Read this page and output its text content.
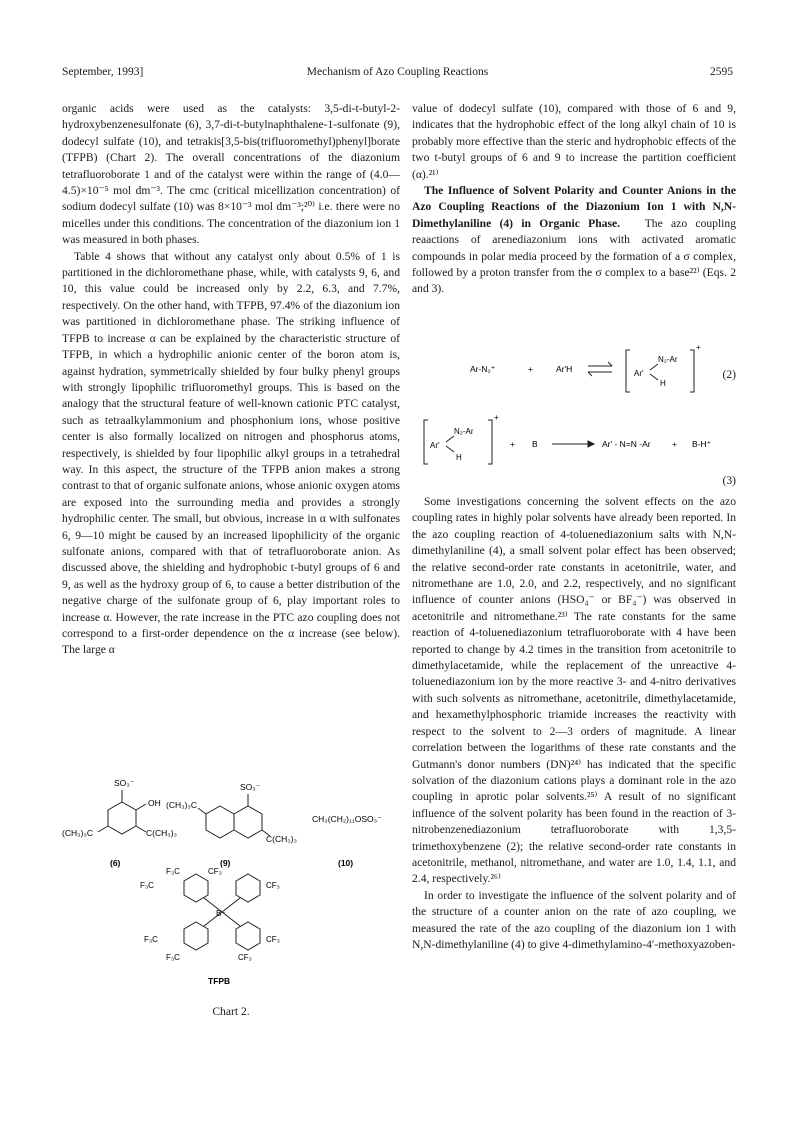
September, 1993]	Mechanism of Azo Coupling Reactions	2595

organic acids were used as the catalysts: 3,5-di-t-butyl-2-hydroxybenzenesulfonate (6), 3,7-di-t-butylnaphthalene-1-sulfonate (9), dodecyl sulfate (10), and tetrakis[3,5-bis(trifluoromethyl)phenyl]borate (TFPB) (Chart 2). The overall concentrations of the diazonium tetrafluoroborate 1 and of the catalyst were within the range of (4.0—4.5)×10⁻⁵ mol dm⁻³. The cmc (critical micellization concentration) of sodium dodecyl sulfate (10) was 8×10⁻³ mol dm⁻³;²⁰⁾ i.e. there were no micelles under this conditions. The concentration of the diazonium ion 1 was measured in both phases.

Table 4 shows that without any catalyst only about 0.5% of 1 is partitioned in the dichloromethane phase, while, with catalysts 9, 6, and 10, this value could be increased only by 2.2, 6.3, and 7.7%, respectively. On the other hand, with TFPB, 97.4% of the diazonium ion was partitioned in dichloromethane phase. The striking influence of TFPB to increase α can be explained by the characteristic structure of TFPB, in which a hydrophilic anionic center of the boron atom is, against hydration, symmetrically shielded by four bulky phenyl groups with strongly lipophilic trifluoromethyl groups. This is based on the analogy that the structural feature of well-known cationic PTC catalyst, such as tetraalkylammonium and phosphonium ions, whose positive center is also formally localized on nitrogen and phosphorus atoms, respectively, is shielded by four lipophilic alkyl groups in a tetrahedral way. In this aspect, the structure of the TFPB anion makes a strong contrast to that of organic sulfonate anions, whose anionic oxygen atoms are exposed into the surrounding media and provides a strongly hydrophilic center. The small, but obvious, increase in α with sulfonates 6, 9—10 might be caused by an increased lipophilicity of the organic sulfonate anions, compared with that of tetrafluoroborate anion. As discussed above, the shielding and hydrophobic t-butyl groups of 6 and 9, as well as the hydroxy group of 6, to cause a better distribution of the negative charge of the sulfonate group of 6, play important roles to increase α. However, the rate increase in the PTC azo coupling does not correspond to a first-order dependence on the α increase (see below). The large α

SO₃⁻
OH
(CH₃)₃C	C(CH₃)₃
(6)
SO₃⁻
(CH₃)₃C
C(CH₃)₃
(9)
CH₃(CH₂)₁₁OSO₃⁻
(10)
F₃C	CF₃
F₃C	CF₃
B⁻
F₃C	CF₃
F₃C	CF₃
TFPB
Chart 2.

value of dodecyl sulfate (10), compared with those of 6 and 9, indicates that the hydrophobic effect of the long alkyl chain of 10 is probably more effective than the steric and hydrophobic effects of the two t-butyl groups of 6 and 9 to increase the partition coefficient (α).²¹⁾

The Influence of Solvent Polarity and Counter Anions in the Azo Coupling Reactions of the Diazonium Ion 1 with N,N-Dimethylaniline (4) in Organic Phase. The azo coupling reaactions of arenediazonium ions with activated aromatic compounds in polar media proceed by the formation of a σ complex, followed by a proton transfer from the σ complex to a base²²⁾ (Eqs. 2 and 3).

Ar-N₂⁺	+	Ar'H	Ar'
N₂-Ar
H
+
(2)
Ar'
N₂-Ar
H
+
+ B	Ar' - N=N -Ar	+ B-H⁺
(3)

Some investigations concerning the solvent effects on the azo coupling rates in highly polar solvents have already been reported. In the azo coupling reaction of 4-toluenediazonium salts with N,N-dimethylaniline (4), a small solvent polar effect has been observed; the relative second-order rate constants in acetonitrile, water, and nitromethane are 1.0, 2.0, and 2.2, respectively, and no significant influence of counter anions (HSO₄⁻ or BF₄⁻) was observed in acetonitrile and nitromethane.²³⁾ The rate constants for the same reaction of 4-toluenediazonium tetrafluoroborate with 4 have been reported to change by 4.2 times in the transition from acetonitrile to dimethylacetamide, while the replacement of the unreactive 4-toluenediazonium ion by the more reactive 3- and 4-nitro derivatives with such solvents as nitromethane, acetonitrile, dimethylacetamide, and hexamethylphosphoric triamide increases the reactivity with respect to the solvent to 2—3 orders of magnitude. A linear correlation between the logarithms of these rate constants and the Gutmann's donor numbers (DN)²⁴⁾ has indicated that the specific solvation of the diazonium cations plays a dominant role in the azo coupling in aprotic polar solvents.²⁵⁾ A result of no significant influence of the solvent polarity has been found in the reaction of 3-nitrobenzenediazonium tetrafluoroborate with 1,3,5-trimethoxybenzene (2); the relative second-order rate constants in acetonitrile, methanol, nitromethane, and water are 1.0, 1.4, 1.1, and 2.4, respectively.²⁶⁾

In order to investigate the influence of the solvent polarity and of the structure of a counter anion on the rate of azo coupling, we measured the rate of the azo coupling of the diazonium ion 1 with N,N-dimethylaniline (4) to give 4-dimethylamino-4′-methoxyazoben-
